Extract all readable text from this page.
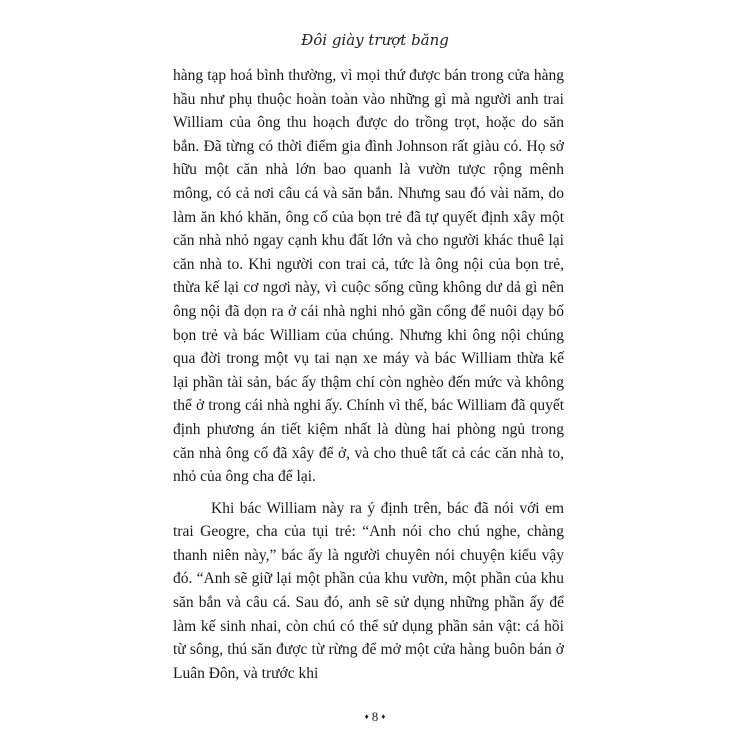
Đôi giày trượt băng

hàng tạp hoá bình thường, vì mọi thứ được bán trong cửa hàng hầu như phụ thuộc hoàn toàn vào những gì mà người anh trai William của ông thu hoạch được do trồng trọt, hoặc do săn bắn. Đã từng có thời điểm gia đình Johnson rất giàu có. Họ sở hữu một căn nhà lớn bao quanh là vườn tược rộng mênh mông, có cả nơi câu cá và săn bắn. Nhưng sau đó vài năm, do làm ăn khó khăn, ông cố của bọn trẻ đã tự quyết định xây một căn nhà nhỏ ngay cạnh khu đất lớn và cho người khác thuê lại căn nhà to. Khi người con trai cả, tức là ông nội của bọn trẻ, thừa kế lại cơ ngơi này, vì cuộc sống cũng không dư dả gì nên ông nội đã dọn ra ở cái nhà nghi nhỏ gần cổng để nuôi dạy bố bọn trẻ và bác William của chúng. Nhưng khi ông nội chúng qua đời trong một vụ tai nạn xe máy và bác William thừa kế lại phần tài sản, bác ấy thậm chí còn nghèo đến mức và không thể ở trong cái nhà nghi ấy. Chính vì thế, bác William đã quyết định phương án tiết kiệm nhất là dùng hai phòng ngủ trong căn nhà ông cố đã xây để ở, và cho thuê tất cả các căn nhà to, nhỏ của ông cha để lại.

Khi bác William này ra ý định trên, bác đã nói với em trai Geogre, cha của tụi trẻ: “Anh nói cho chú nghe, chàng thanh niên này,” bác ấy là người chuyên nói chuyện kiểu vậy đó. “Anh sẽ giữ lại một phần của khu vườn, một phần của khu săn bắn và câu cá. Sau đó, anh sẽ sử dụng những phần ấy để làm kế sinh nhai, còn chú có thể sử dụng phần sản vật: cá hồi từ sông, thú săn được từ rừng để mở một cửa hàng buôn bán ở Luân Đôn, và trước khi

♦ 8 ♦
